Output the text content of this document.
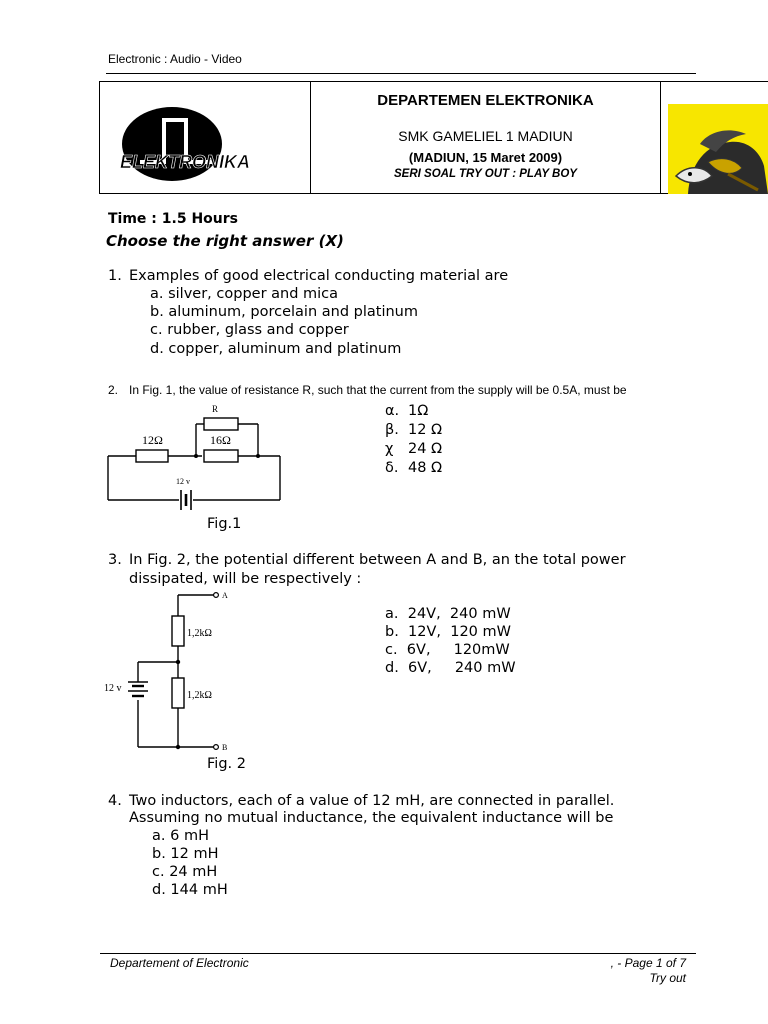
Electronic : Audio - Video
ELEKTRONIKA
DEPARTEMEN ELEKTRONIKA
SMK GAMELIEL 1 MADIUN
(MADIUN, 15 Maret 2009)
SERI SOAL TRY OUT : PLAY BOY
Time : 1.5 Hours
Choose the right answer (X)
1. Examples of good electrical conducting material are
a. silver, copper and mica
b. aluminum, porcelain and platinum
c. rubber, glass and copper
d. copper, aluminum and platinum
2. In Fig. 1, the value of resistance R, such that the current from the supply will be 0.5A, must be
R
12Ω	16Ω
12 v
Fig.1
α. 1Ω
β. 12 Ω
χ 24 Ω
δ. 48 Ω
3. In Fig. 2, the potential different between A and B, an the total power
dissipated, will be respectively :
A
B
1,2kΩ
1,2kΩ
12 v
Fig. 2
a.  24V,  240 mW
b.  12V,  120 mW
c.  6V,     120mW
d.  6V,     240 mW
4. Two inductors, each of a value of 12 mH, are connected in parallel.
Assuming no mutual inductance, the equivalent inductance will be
a. 6 mH
b. 12 mH
c. 24 mH
d. 144 mH
Departement of Electronic	, - Page 1 of 7
Try out
